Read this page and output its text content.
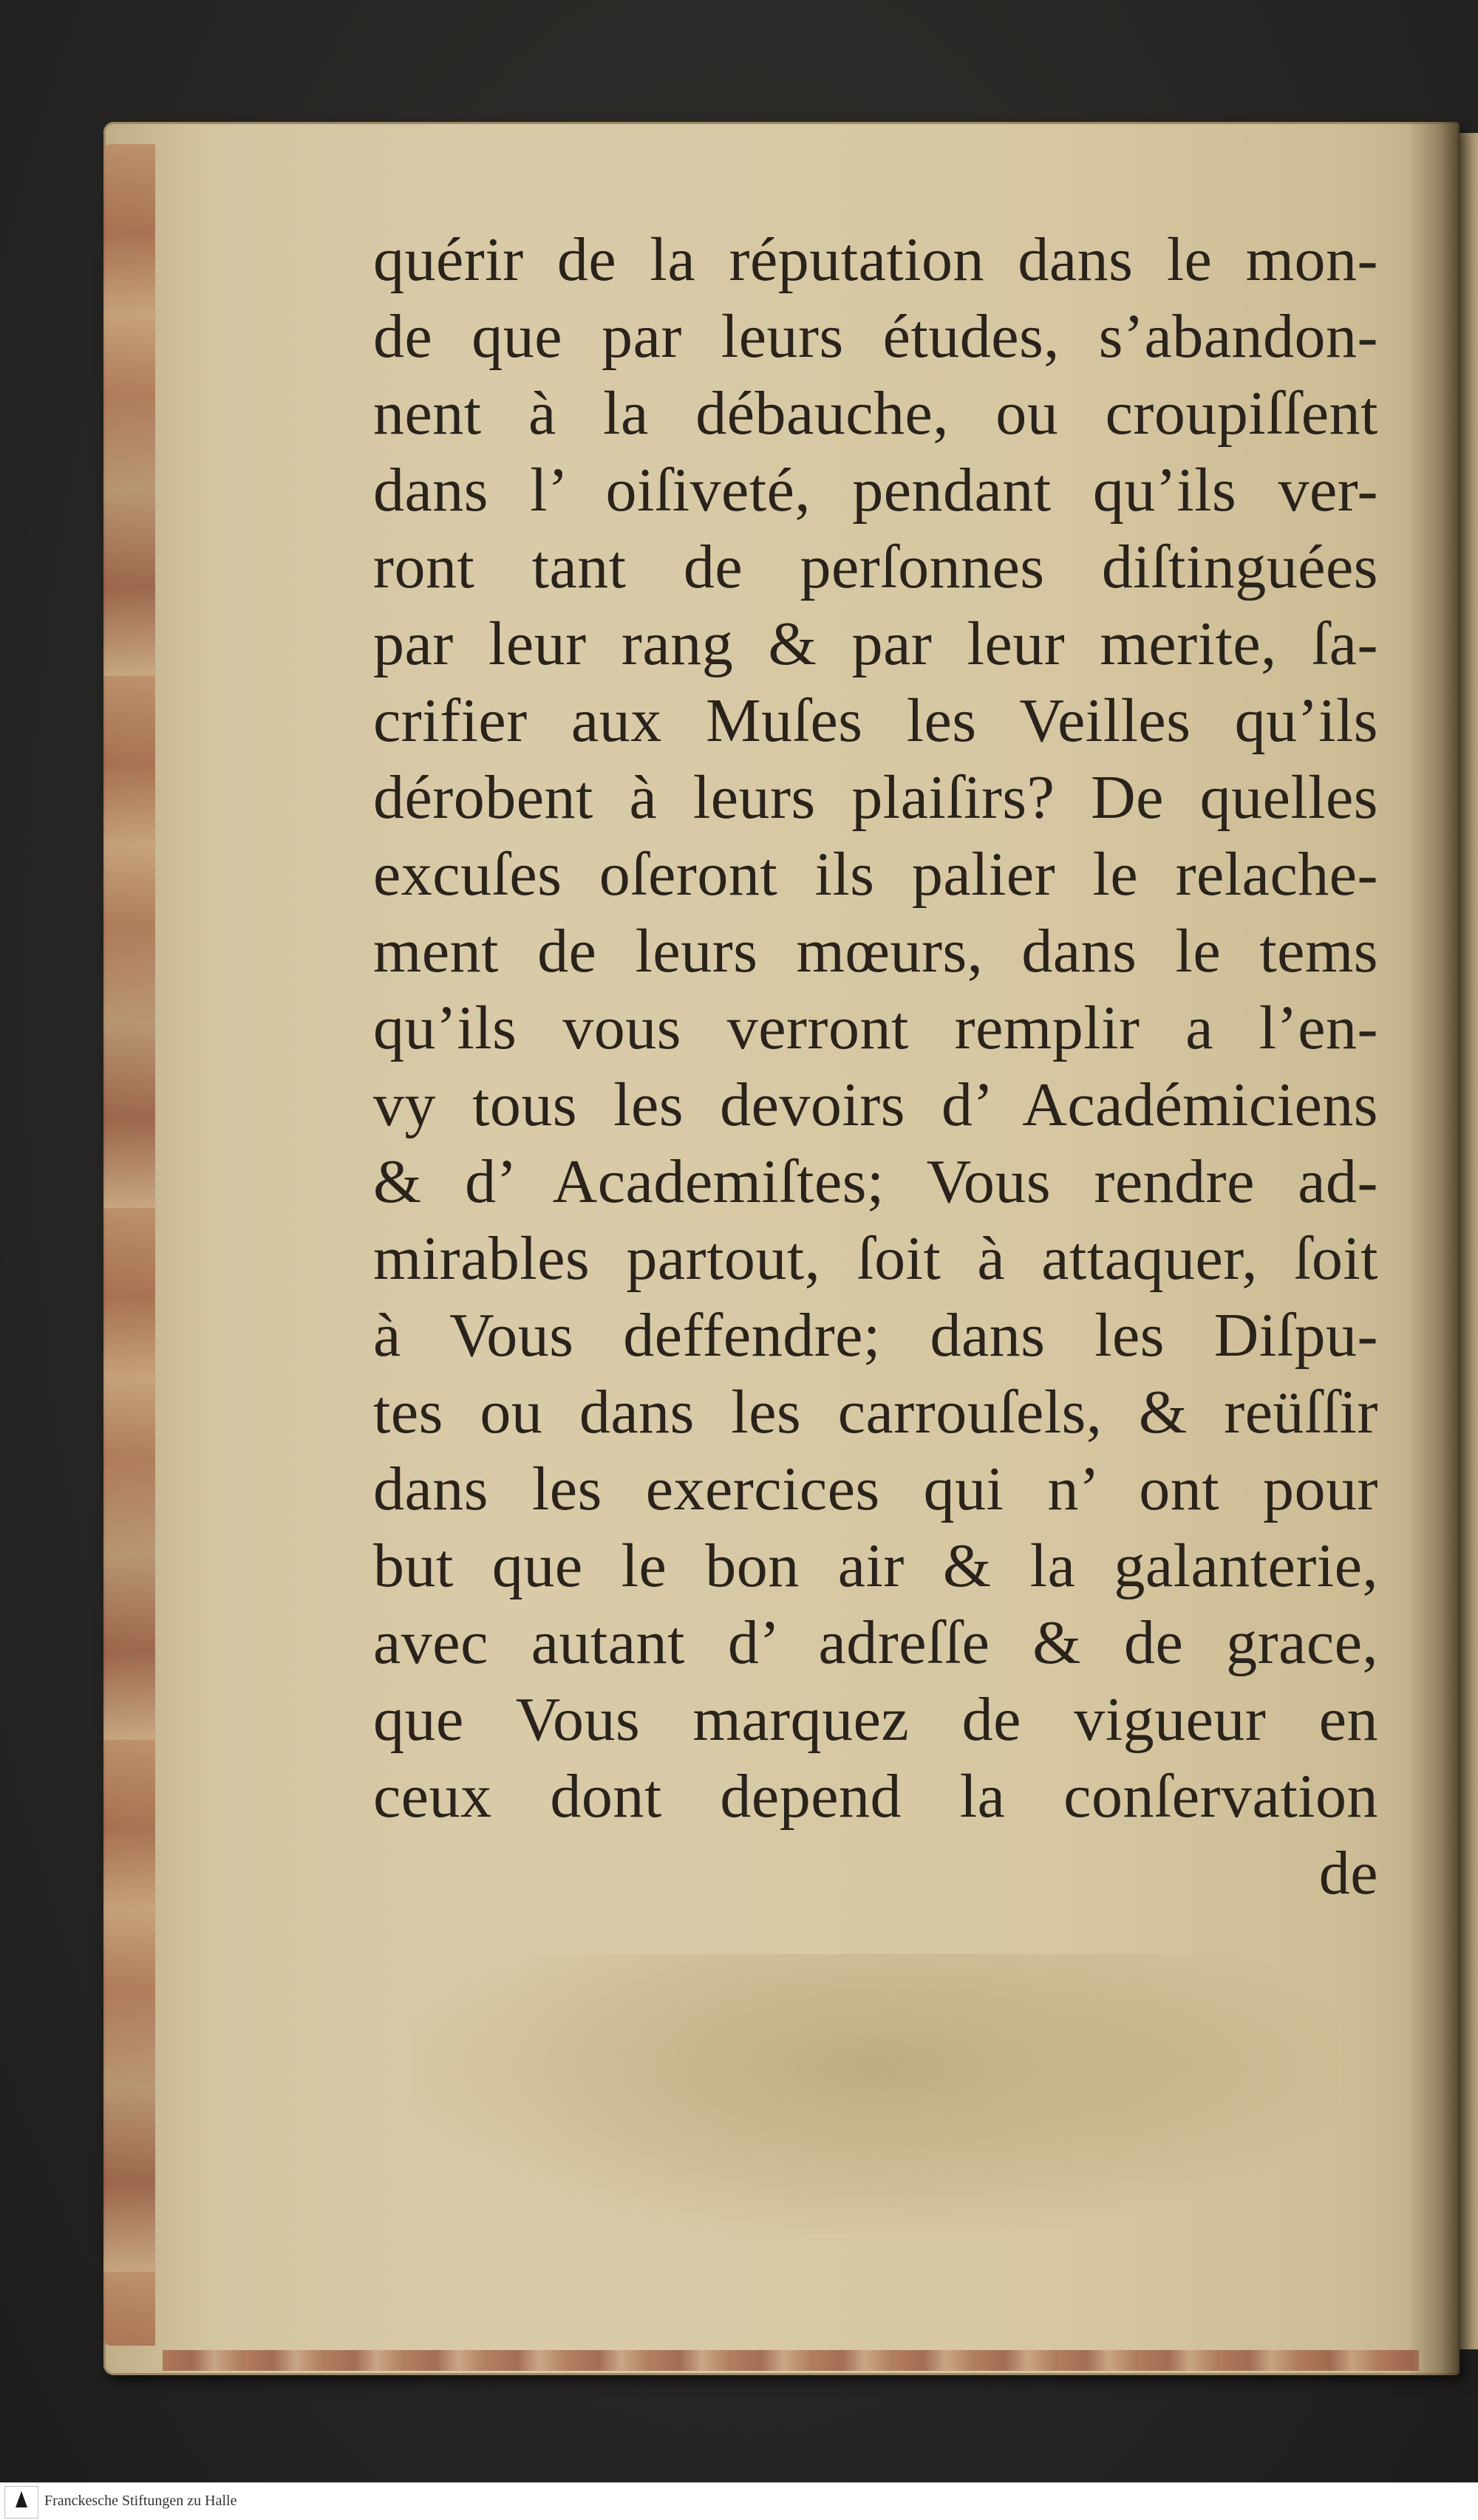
quérir de la réputation dans le mon-
de que par leurs études, s’abandon-
nent à la débauche, ou croupiſſent
dans l’ oiſiveté, pendant qu’ils ver-
ront tant de perſonnes diſtinguées
par leur rang & par leur merite, ſa-
crifier aux Muſes les Veilles qu’ils
dérobent à leurs plaiſirs? De quelles
excuſes oſeront ils palier le relache-
ment de leurs mœurs, dans le tems
qu’ils vous verront remplir a l’en-
vy tous les devoirs d’ Académiciens
& d’ Academiſtes; Vous rendre ad-
mirables partout, ſoit à attaquer, ſoit
à Vous deffendre; dans les Diſpu-
tes ou dans les carrouſels, & reüſſir
dans les exercices qui n’ ont pour
but que le bon air & la galanterie,
avec autant d’ adreſſe & de grace,
que Vous marquez de vigueur en
ceux dont depend la conſervation
de
Franckesche Stiftungen zu Halle
